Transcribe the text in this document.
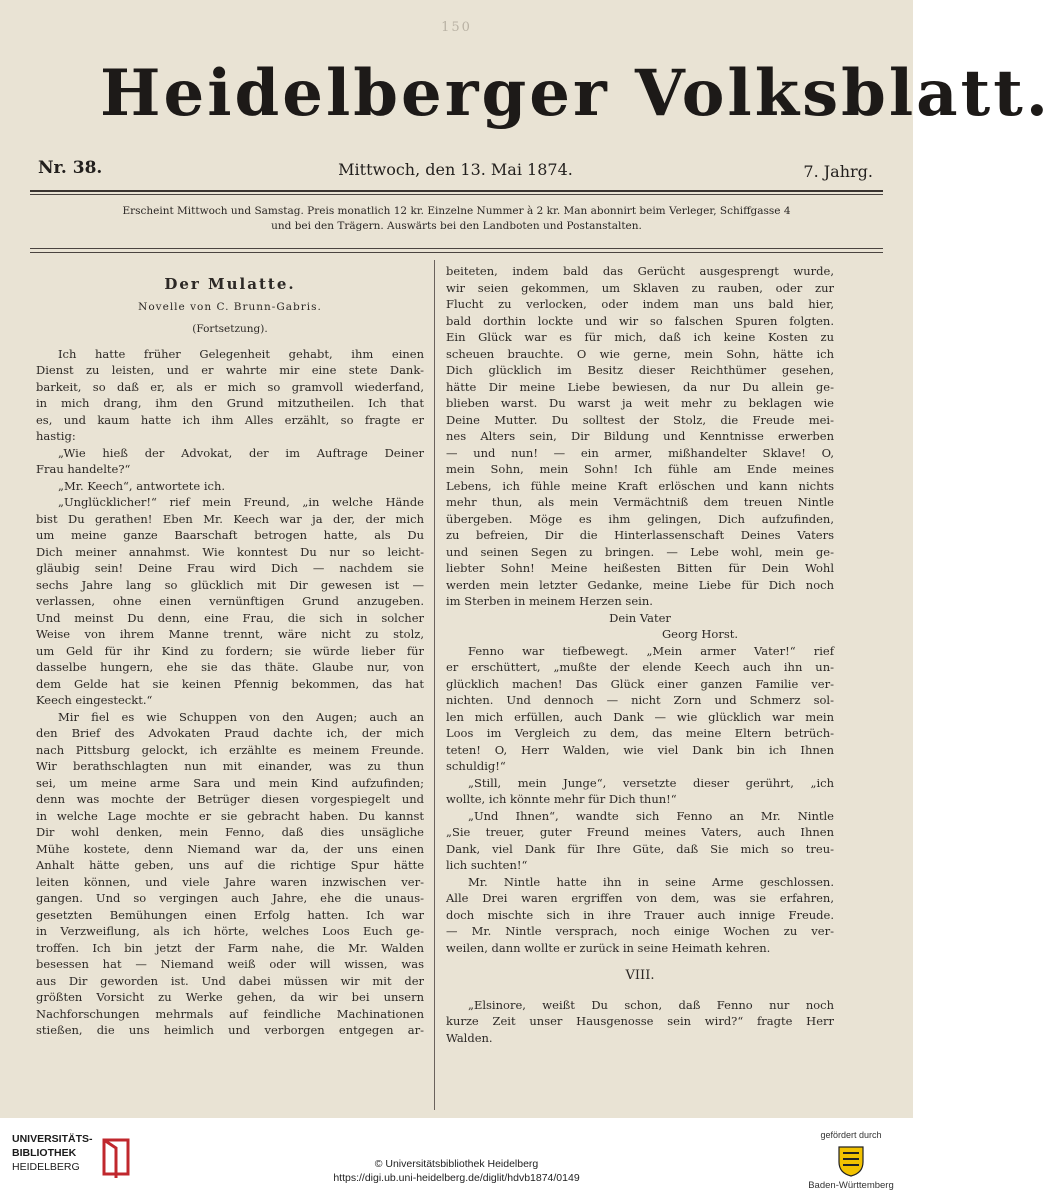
150
Heidelberger Volksblatt.
Nr. 38.	Mittwoch, den 13. Mai 1874.	7. Jahrg.
Erscheint Mittwoch und Samstag. Preis monatlich 12 kr. Einzelne Nummer à 2 kr. Man abonnirt beim Verleger, Schiffgasse 4
und bei den Trägern. Auswärts bei den Landboten und Postanstalten.
Der Mulatte.
Novelle von C. Brunn-Gabris.
(Fortsetzung).
Ich hatte früher Gelegenheit gehabt, ihm einen
Dienst zu leisten, und er wahrte mir eine stete Dank-
barkeit, so daß er, als er mich so gramvoll wiederfand,
in mich drang, ihm den Grund mitzutheilen. Ich that
es, und kaum hatte ich ihm Alles erzählt, so fragte er
hastig:
„Wie hieß der Advokat, der im Auftrage Deiner
Frau handelte?“
„Mr. Keech“, antwortete ich.
„Unglücklicher!“ rief mein Freund, „in welche Hände
bist Du gerathen! Eben Mr. Keech war ja der, der mich
um meine ganze Baarschaft betrogen hatte, als Du
Dich meiner annahmst. Wie konntest Du nur so leicht-
gläubig sein! Deine Frau wird Dich — nachdem sie
sechs Jahre lang so glücklich mit Dir gewesen ist —
verlassen, ohne einen vernünftigen Grund anzugeben.
Und meinst Du denn, eine Frau, die sich in solcher
Weise von ihrem Manne trennt, wäre nicht zu stolz,
um Geld für ihr Kind zu fordern; sie würde lieber für
dasselbe hungern, ehe sie das thäte. Glaube nur, von
dem Gelde hat sie keinen Pfennig bekommen, das hat
Keech eingesteckt.“
Mir fiel es wie Schuppen von den Augen; auch an
den Brief des Advokaten Praud dachte ich, der mich
nach Pittsburg gelockt, ich erzählte es meinem Freunde.
Wir berathschlagten nun mit einander, was zu thun
sei, um meine arme Sara und mein Kind aufzufinden;
denn was mochte der Betrüger diesen vorgespiegelt und
in welche Lage mochte er sie gebracht haben. Du kannst
Dir wohl denken, mein Fenno, daß dies unsägliche
Mühe kostete, denn Niemand war da, der uns einen
Anhalt hätte geben, uns auf die richtige Spur hätte
leiten können, und viele Jahre waren inzwischen ver-
gangen. Und so vergingen auch Jahre, ehe die unaus-
gesetzten Bemühungen einen Erfolg hatten. Ich war
in Verzweiflung, als ich hörte, welches Loos Euch ge-
troffen. Ich bin jetzt der Farm nahe, die Mr. Walden
besessen hat — Niemand weiß oder will wissen, was
aus Dir geworden ist. Und dabei müssen wir mit der
größten Vorsicht zu Werke gehen, da wir bei unsern
Nachforschungen mehrmals auf feindliche Machinationen
stießen, die uns heimlich und verborgen entgegen ar-
beiteten, indem bald das Gerücht ausgesprengt wurde,
wir seien gekommen, um Sklaven zu rauben, oder zur
Flucht zu verlocken, oder indem man uns bald hier,
bald dorthin lockte und wir so falschen Spuren folgten.
Ein Glück war es für mich, daß ich keine Kosten zu
scheuen brauchte. O wie gerne, mein Sohn, hätte ich
Dich glücklich im Besitz dieser Reichthümer gesehen,
hätte Dir meine Liebe bewiesen, da nur Du allein ge-
blieben warst. Du warst ja weit mehr zu beklagen wie
Deine Mutter. Du solltest der Stolz, die Freude mei-
nes Alters sein, Dir Bildung und Kenntnisse erwerben
— und nun! — ein armer, mißhandelter Sklave! O,
mein Sohn, mein Sohn! Ich fühle am Ende meines
Lebens, ich fühle meine Kraft erlöschen und kann nichts
mehr thun, als mein Vermächtniß dem treuen Nintle
übergeben. Möge es ihm gelingen, Dich aufzufinden,
zu befreien, Dir die Hinterlassenschaft Deines Vaters
und seinen Segen zu bringen. — Lebe wohl, mein ge-
liebter Sohn! Meine heißesten Bitten für Dein Wohl
werden mein letzter Gedanke, meine Liebe für Dich noch
im Sterben in meinem Herzen sein.
Dein Vater
Georg Horst.
Fenno war tiefbewegt. „Mein armer Vater!“ rief
er erschüttert, „mußte der elende Keech auch ihn un-
glücklich machen! Das Glück einer ganzen Familie ver-
nichten. Und dennoch — nicht Zorn und Schmerz sol-
len mich erfüllen, auch Dank — wie glücklich war mein
Loos im Vergleich zu dem, das meine Eltern betrüch-
teten! O, Herr Walden, wie viel Dank bin ich Ihnen
schuldig!“
„Still, mein Junge“, versetzte dieser gerührt, „ich
wollte, ich könnte mehr für Dich thun!“
„Und Ihnen“, wandte sich Fenno an Mr. Nintle
„Sie treuer, guter Freund meines Vaters, auch Ihnen
Dank, viel Dank für Ihre Güte, daß Sie mich so treu-
lich suchten!“
Mr. Nintle hatte ihn in seine Arme geschlossen.
Alle Drei waren ergriffen von dem, was sie erfahren,
doch mischte sich in ihre Trauer auch innige Freude.
— Mr. Nintle versprach, noch einige Wochen zu ver-
weilen, dann wollte er zurück in seine Heimath kehren.
VIII.
„Elsinore, weißt Du schon, daß Fenno nur noch
kurze Zeit unser Hausgenosse sein wird?“ fragte Herr
Walden.
UNIVERSITÄTS-
BIBLIOTHEK
HEIDELBERG	© Universitätsbibliothek Heidelberg
https://digi.ub.uni-heidelberg.de/diglit/hdvb1874/0149
gefördert durch
Baden-Württemberg
